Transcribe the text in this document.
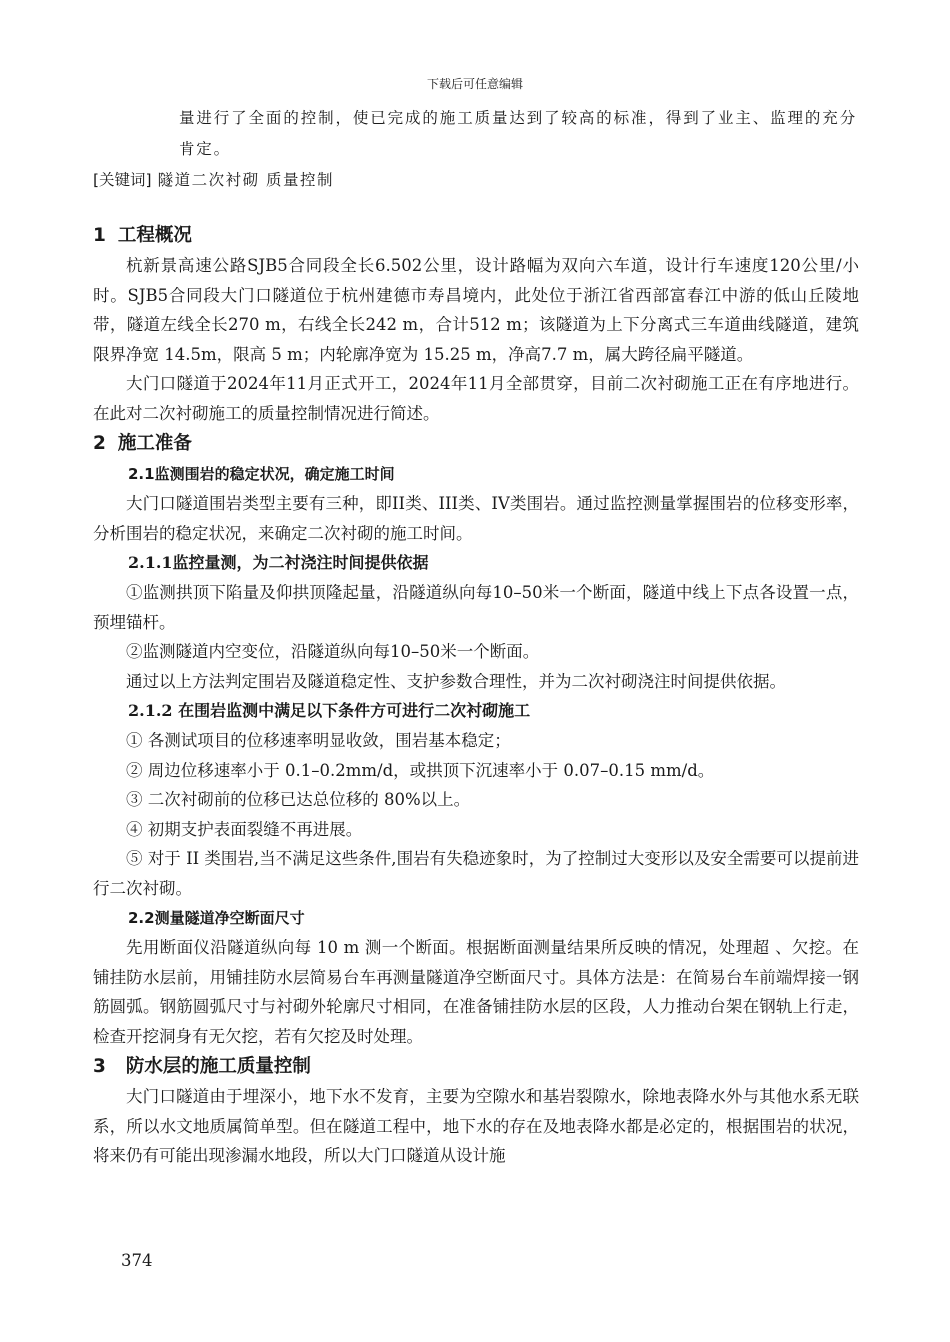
下载后可任意编辑

量进行了全面的控制，使已完成的施工质量达到了较高的标准，得到了业主、监理的充分肯定。

[关键词] 隧道二次衬砌 质量控制

1 工程概况

杭新景高速公路SJB5合同段全长6.502公里，设计路幅为双向六车道，设计行车速度120公里/小时。SJB5合同段大门口隧道位于杭州建德市寿昌境内，此处位于浙江省西部富春江中游的低山丘陵地带，隧道左线全长270 m，右线全长242 m，合计512 m；该隧道为上下分离式三车道曲线隧道，建筑限界净宽 14.5m，限高 5 m；内轮廓净宽为 15.25 m，净高7.7 m，属大跨径扁平隧道。

大门口隧道于2024年11月正式开工，2024年11月全部贯穿，目前二次衬砌施工正在有序地进行。在此对二次衬砌施工的质量控制情况进行简述。

2 施工准备
2.1监测围岩的稳定状况，确定施工时间

大门口隧道围岩类型主要有三种，即II类、III类、IV类围岩。通过监控测量掌握围岩的位移变形率，分析围岩的稳定状况，来确定二次衬砌的施工时间。

2.1.1监控量测，为二衬浇注时间提供依据

①监测拱顶下陷量及仰拱顶隆起量，沿隧道纵向每10–50米一个断面，隧道中线上下点各设置一点，预埋锚杆。

②监测隧道内空变位，沿隧道纵向每10–50米一个断面。

通过以上方法判定围岩及隧道稳定性、支护参数合理性，并为二次衬砌浇注时间提供依据。

2.1.2 在围岩监测中满足以下条件方可进行二次衬砌施工

① 各测试项目的位移速率明显收敛，围岩基本稳定；

② 周边位移速率小于 0.1–0.2mm/d，或拱顶下沉速率小于 0.07–0.15 mm/d。

③ 二次衬砌前的位移已达总位移的 80%以上。

④ 初期支护表面裂缝不再进展。

⑤ 对于 II 类围岩,当不满足这些条件,围岩有失稳迹象时，为了控制过大变形以及安全需要可以提前进行二次衬砌。

2.2测量隧道净空断面尺寸

先用断面仪沿隧道纵向每 10 m 测一个断面。根据断面测量结果所反映的情况，处理超 、欠挖。在铺挂防水层前，用铺挂防水层简易台车再测量隧道净空断面尺寸。具体方法是：在简易台车前端焊接一钢筋圆弧。钢筋圆弧尺寸与衬砌外轮廓尺寸相同，在准备铺挂防水层的区段，人力推动台架在钢轨上行走，检查开挖洞身有无欠挖，若有欠挖及时处理。

3 防水层的施工质量控制

大门口隧道由于埋深小，地下水不发育，主要为空隙水和基岩裂隙水，除地表降水外与其他水系无联系，所以水文地质属简单型。但在隧道工程中，地下水的存在及地表降水都是必定的，根据围岩的状况，将来仍有可能出现渗漏水地段，所以大门口隧道从设计施

374
